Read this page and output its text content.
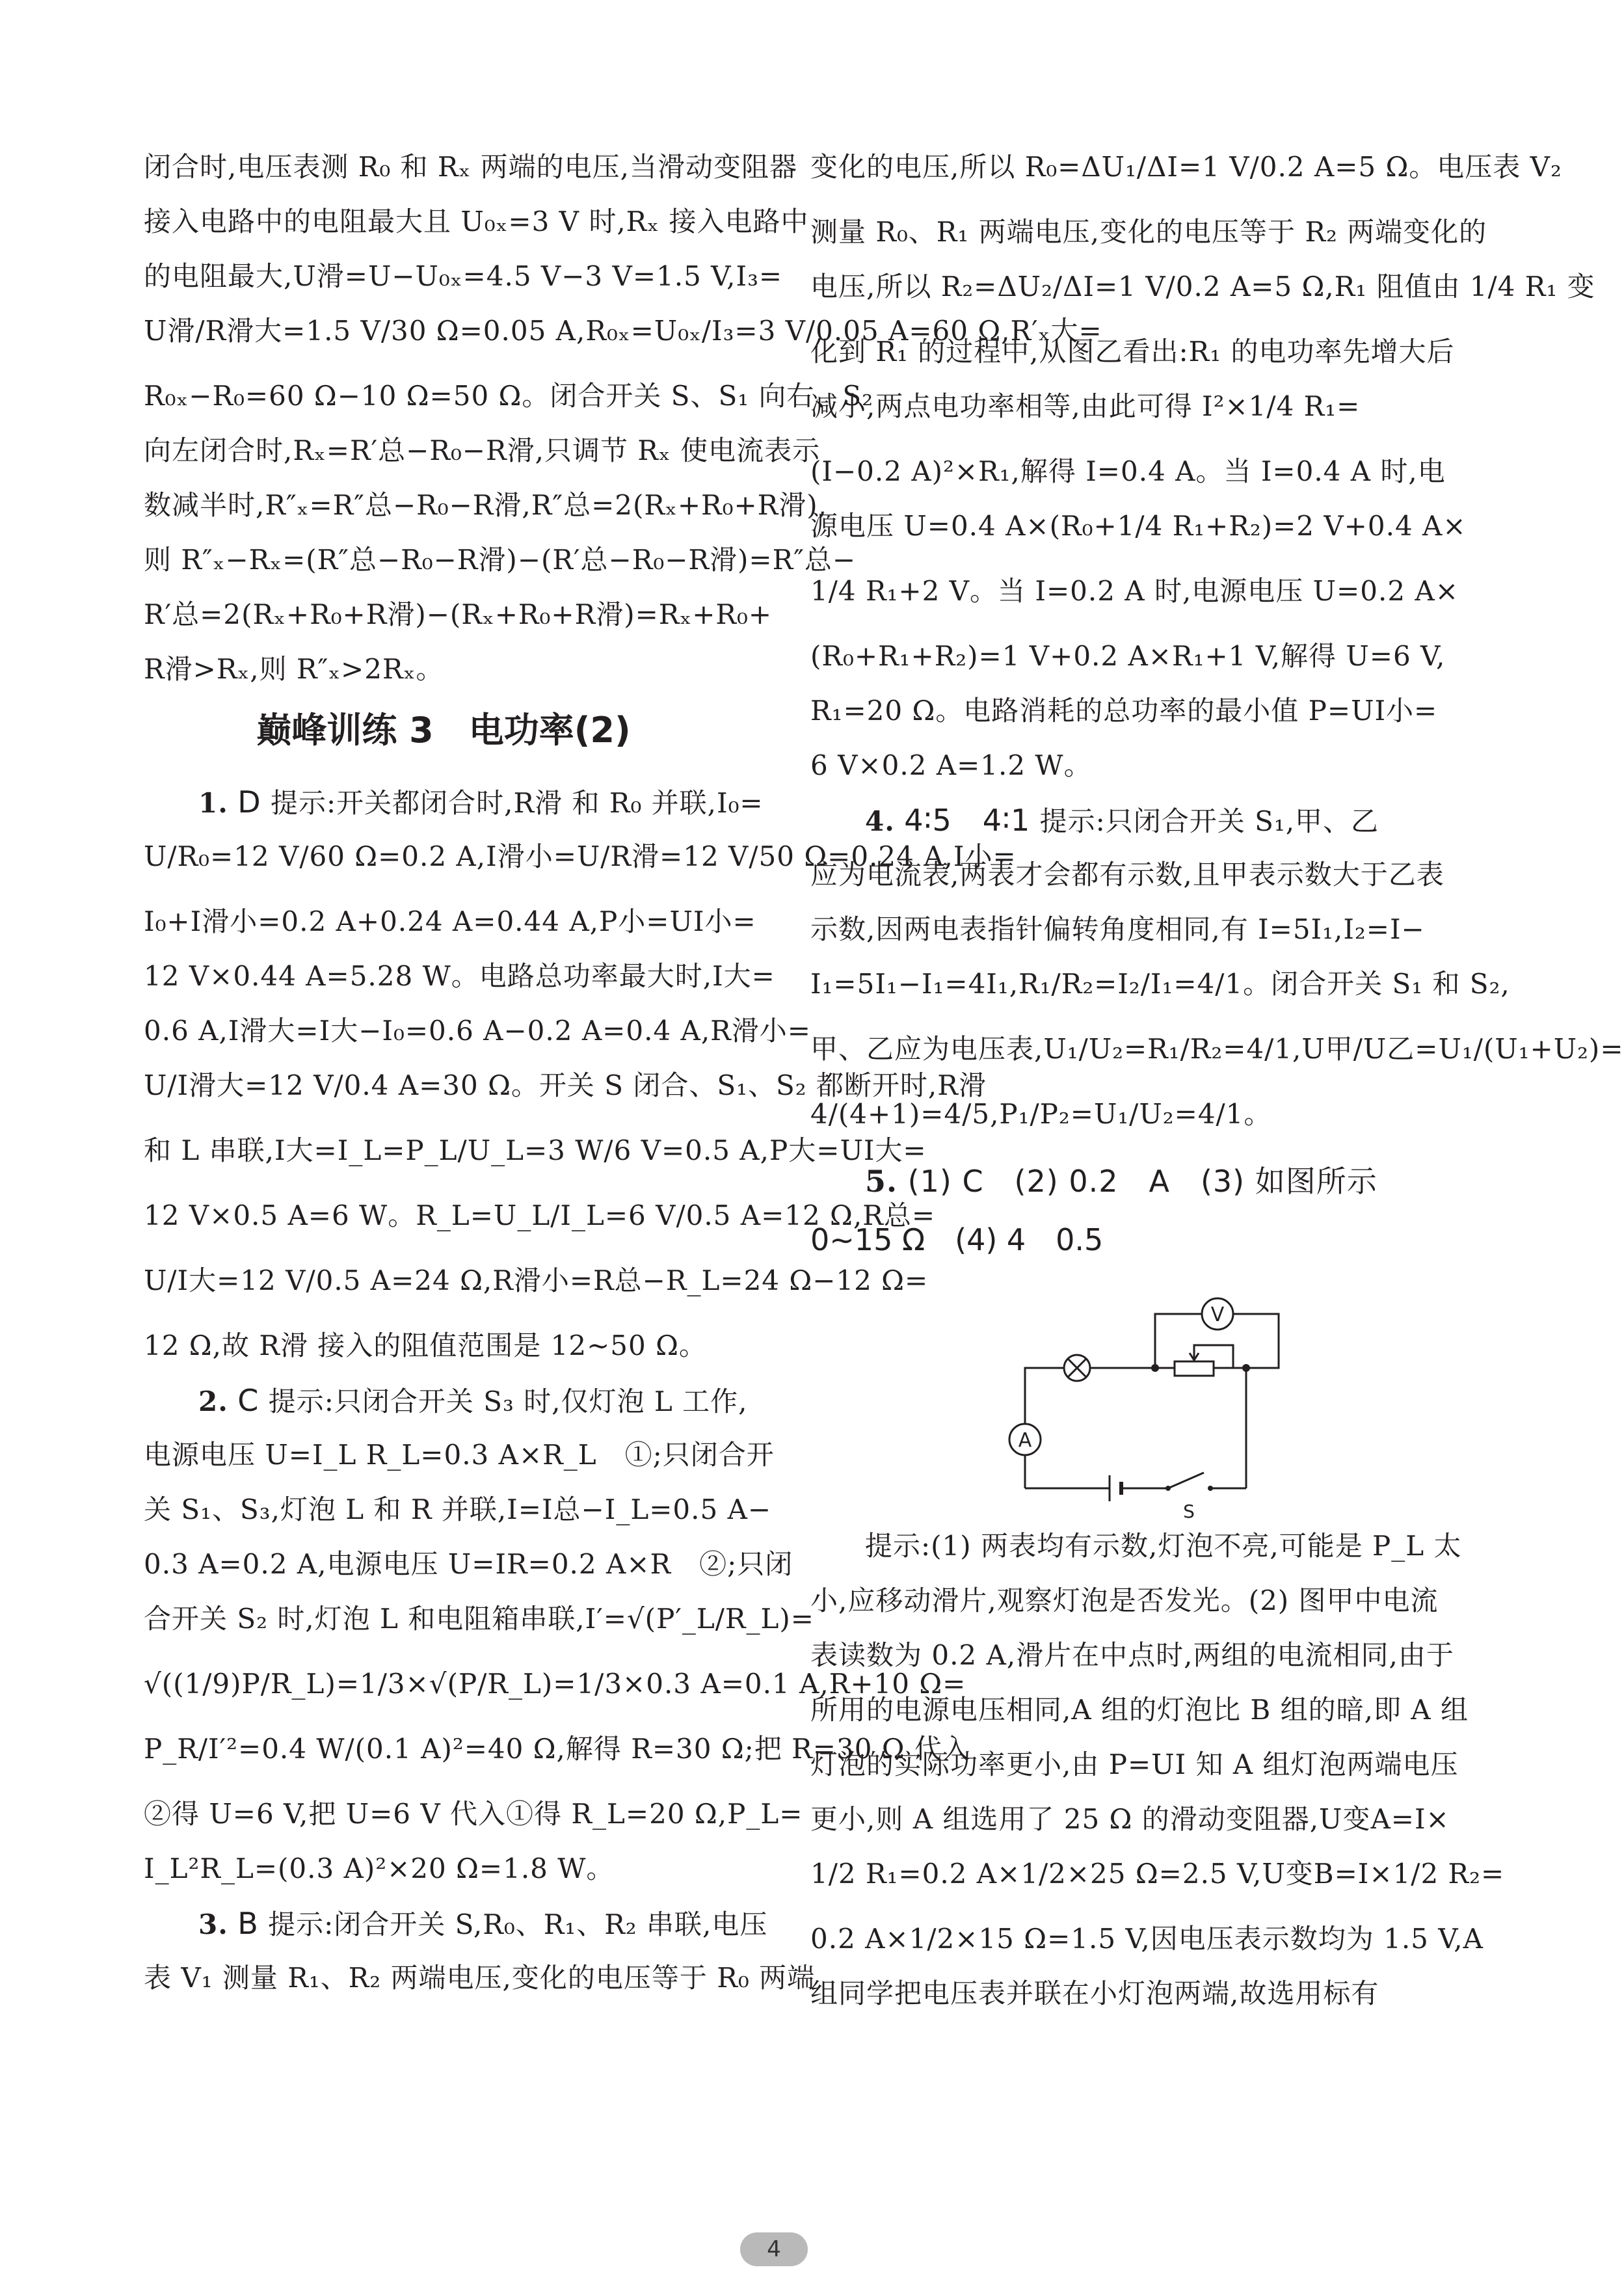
闭合时,电压表测 R₀ 和 Rₓ 两端的电压,当滑动变阻器
接入电路中的电阻最大且 U₀ₓ=3 V 时,Rₓ 接入电路中
的电阻最大,U滑=U−U₀ₓ=4.5 V−3 V=1.5 V,I₃=
U滑/R滑大=1.5 V/30 Ω=0.05 A,R₀ₓ=U₀ₓ/I₃=3 V/0.05 A=60 Ω,R′ₓ大=
R₀ₓ−R₀=60 Ω−10 Ω=50 Ω。闭合开关 S、S₁ 向右、S₂
向左闭合时,Rₓ=R′总−R₀−R滑,只调节 Rₓ 使电流表示
数减半时,R″ₓ=R″总−R₀−R滑,R″总=2(Rₓ+R₀+R滑),
则 R″ₓ−Rₓ=(R″总−R₀−R滑)−(R′总−R₀−R滑)=R″总−
R′总=2(Rₓ+R₀+R滑)−(Rₓ+R₀+R滑)=Rₓ+R₀+
R滑>Rₓ,则 R″ₓ>2Rₓ。
巅峰训练 3　电功率(2)
1. D 提示:开关都闭合时,R滑 和 R₀ 并联,I₀=
U/R₀=12 V/60 Ω=0.2 A,I滑小=U/R滑=12 V/50 Ω=0.24 A,I小=
I₀+I滑小=0.2 A+0.24 A=0.44 A,P小=UI小=
12 V×0.44 A=5.28 W。电路总功率最大时,I大=
0.6 A,I滑大=I大−I₀=0.6 A−0.2 A=0.4 A,R滑小=
U/I滑大=12 V/0.4 A=30 Ω。开关 S 闭合、S₁、S₂ 都断开时,R滑
和 L 串联,I大=I_L=P_L/U_L=3 W/6 V=0.5 A,P大=UI大=
12 V×0.5 A=6 W。R_L=U_L/I_L=6 V/0.5 A=12 Ω,R总=
U/I大=12 V/0.5 A=24 Ω,R滑小=R总−R_L=24 Ω−12 Ω=
12 Ω,故 R滑 接入的阻值范围是 12~50 Ω。
2. C 提示:只闭合开关 S₃ 时,仅灯泡 L 工作,
电源电压 U=I_L R_L=0.3 A×R_L　①;只闭合开
关 S₁、S₃,灯泡 L 和 R 并联,I=I总−I_L=0.5 A−
0.3 A=0.2 A,电源电压 U=IR=0.2 A×R　②;只闭
合开关 S₂ 时,灯泡 L 和电阻箱串联,I′=√(P′_L/R_L)=
√((1/9)P/R_L)=1/3×√(P/R_L)=1/3×0.3 A=0.1 A,R+10 Ω=
P_R/I′²=0.4 W/(0.1 A)²=40 Ω,解得 R=30 Ω;把 R=30 Ω 代入
②得 U=6 V,把 U=6 V 代入①得 R_L=20 Ω,P_L=
I_L²R_L=(0.3 A)²×20 Ω=1.8 W。
3. B 提示:闭合开关 S,R₀、R₁、R₂ 串联,电压
表 V₁ 测量 R₁、R₂ 两端电压,变化的电压等于 R₀ 两端
变化的电压,所以 R₀=ΔU₁/ΔI=1 V/0.2 A=5 Ω。电压表 V₂
测量 R₀、R₁ 两端电压,变化的电压等于 R₂ 两端变化的
电压,所以 R₂=ΔU₂/ΔI=1 V/0.2 A=5 Ω,R₁ 阻值由 1/4 R₁ 变
化到 R₁ 的过程中,从图乙看出:R₁ 的电功率先增大后
减小,两点电功率相等,由此可得 I²×1/4 R₁=
(I−0.2 A)²×R₁,解得 I=0.4 A。当 I=0.4 A 时,电
源电压 U=0.4 A×(R₀+1/4 R₁+R₂)=2 V+0.4 A×
1/4 R₁+2 V。当 I=0.2 A 时,电源电压 U=0.2 A×
(R₀+R₁+R₂)=1 V+0.2 A×R₁+1 V,解得 U=6 V,
R₁=20 Ω。电路消耗的总功率的最小值 P=UI小=
6 V×0.2 A=1.2 W。
4. 4∶5　4∶1 提示:只闭合开关 S₁,甲、乙
应为电流表,两表才会都有示数,且甲表示数大于乙表
示数,因两电表指针偏转角度相同,有 I=5I₁,I₂=I−
I₁=5I₁−I₁=4I₁,R₁/R₂=I₂/I₁=4/1。闭合开关 S₁ 和 S₂,
甲、乙应为电压表,U₁/U₂=R₁/R₂=4/1,U甲/U乙=U₁/(U₁+U₂)=
4/(4+1)=4/5,P₁/P₂=U₁/U₂=4/1。
5. (1) C　(2) 0.2　A　(3) 如图所示
0~15 Ω　(4) 4　0.5
V
A
S
提示:(1) 两表均有示数,灯泡不亮,可能是 P_L 太
小,应移动滑片,观察灯泡是否发光。(2) 图甲中电流
表读数为 0.2 A,滑片在中点时,两组的电流相同,由于
所用的电源电压相同,A 组的灯泡比 B 组的暗,即 A 组
灯泡的实际功率更小,由 P=UI 知 A 组灯泡两端电压
更小,则 A 组选用了 25 Ω 的滑动变阻器,U变A=I×
1/2 R₁=0.2 A×1/2×25 Ω=2.5 V,U变B=I×1/2 R₂=
0.2 A×1/2×15 Ω=1.5 V,因电压表示数均为 1.5 V,A
组同学把电压表并联在小灯泡两端,故选用标有
4
